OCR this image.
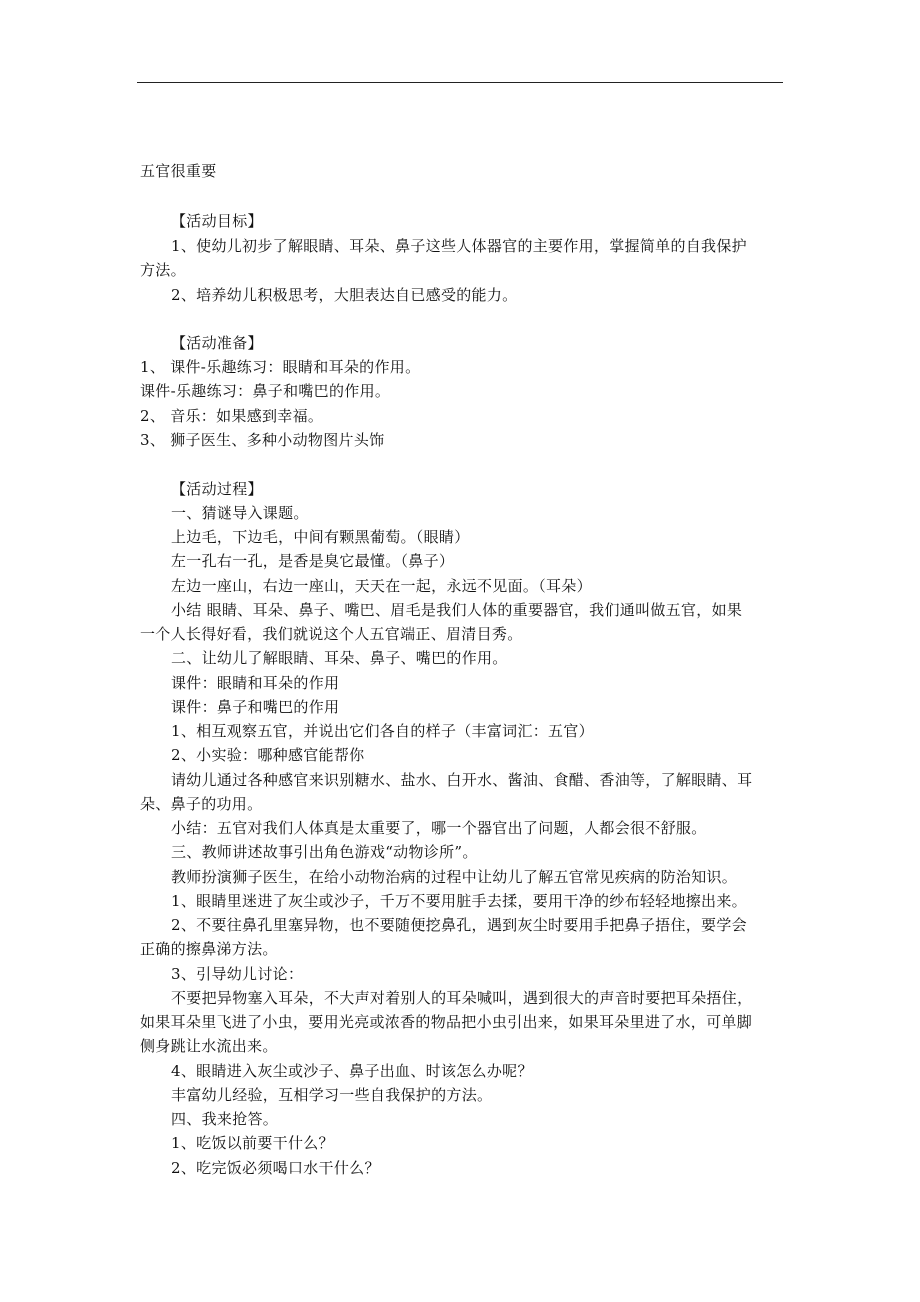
五官很重要
【活动目标】
1、使幼儿初步了解眼睛、耳朵、鼻子这些人体器官的主要作用，掌握简单的自我保护
方法。
2、培养幼儿积极思考，大胆表达自已感受的能力。
【活动准备】
1、 课件-乐趣练习：眼睛和耳朵的作用。
课件-乐趣练习：鼻子和嘴巴的作用。
2、 音乐：如果感到幸福。
3、 狮子医生、多种小动物图片头饰
【活动过程】
一、猜谜导入课题。
上边毛，下边毛，中间有颗黑葡萄。（眼睛）
左一孔右一孔，是香是臭它最懂。（鼻子）
左边一座山，右边一座山，天天在一起，永远不见面。（耳朵）
小结 眼睛、耳朵、鼻子、嘴巴、眉毛是我们人体的重要器官，我们通叫做五官，如果
一个人长得好看，我们就说这个人五官端正、眉清目秀。
二、让幼儿了解眼睛、耳朵、鼻子、嘴巴的作用。
课件：眼睛和耳朵的作用
课件：鼻子和嘴巴的作用
1、相互观察五官，并说出它们各自的样子（丰富词汇：五官）
2、小实验：哪种感官能帮你
请幼儿通过各种感官来识别糖水、盐水、白开水、酱油、食醋、香油等，了解眼睛、耳
朵、鼻子的功用。
小结：五官对我们人体真是太重要了，哪一个器官出了问题，人都会很不舒服。
三、教师讲述故事引出角色游戏“动物诊所”。
教师扮演狮子医生，在给小动物治病的过程中让幼儿了解五官常见疾病的防治知识。
1、眼睛里迷进了灰尘或沙子，千万不要用脏手去揉，要用干净的纱布轻轻地擦出来。
2、不要往鼻孔里塞异物，也不要随便挖鼻孔，遇到灰尘时要用手把鼻子捂住，要学会
正确的擦鼻涕方法。
3、引导幼儿讨论：
不要把异物塞入耳朵，不大声对着别人的耳朵喊叫，遇到很大的声音时要把耳朵捂住，
如果耳朵里飞进了小虫，要用光亮或浓香的物品把小虫引出来，如果耳朵里进了水，可单脚
侧身跳让水流出来。
4、眼睛进入灰尘或沙子、鼻子出血、时该怎么办呢？
丰富幼儿经验，互相学习一些自我保护的方法。
四、我来抢答。
1、吃饭以前要干什么？
2、吃完饭必须喝口水干什么？
